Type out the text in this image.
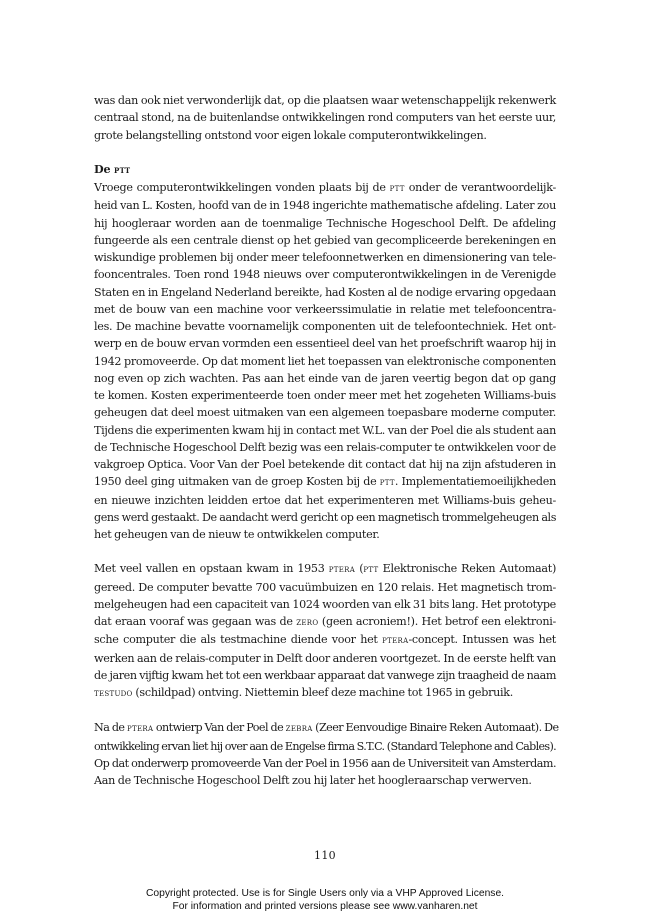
was dan ook niet verwonderlijk dat, op die plaatsen waar wetenschappelijk rekenwerk
centraal stond, na de buitenlandse ontwikkelingen rond computers van het eerste uur,
grote belangstelling ontstond voor eigen lokale computerontwikkelingen.

De ptt

Vroege computerontwikkelingen vonden plaats bij de ptt onder de verantwoordelijk-
heid van L. Kosten, hoofd van de in 1948 ingerichte mathematische afdeling. Later zou
hij hoogleraar worden aan de toenmalige Technische Hogeschool Delft. De afdeling
fungeerde als een centrale dienst op het gebied van gecompliceerde berekeningen en
wiskundige problemen bij onder meer telefoonnetwerken en dimensionering van tele-
fooncentrales. Toen rond 1948 nieuws over computerontwikkelingen in de Verenigde
Staten en in Engeland Nederland bereikte, had Kosten al de nodige ervaring opgedaan
met de bouw van een machine voor verkeerssimulatie in relatie met telefooncentra-
les. De machine bevatte voornamelijk componenten uit de telefoontechniek. Het ont-
werp en de bouw ervan vormden een essentieel deel van het proefschrift waarop hij in
1942 promoveerde. Op dat moment liet het toepassen van elektronische componenten
nog even op zich wachten. Pas aan het einde van de jaren veertig begon dat op gang
te komen. Kosten experimenteerde toen onder meer met het zogeheten Williams-buis
geheugen dat deel moest uitmaken van een algemeen toepasbare moderne computer.
Tijdens die experimenten kwam hij in contact met W.L. van der Poel die als student aan
de Technische Hogeschool Delft bezig was een relais-computer te ontwikkelen voor de
vakgroep Optica. Voor Van der Poel betekende dit contact dat hij na zijn afstuderen in
1950 deel ging uitmaken van de groep Kosten bij de ptt. Implementatiemoeilijkheden
en nieuwe inzichten leidden ertoe dat het experimenteren met Williams-buis geheu-
gens werd gestaakt. De aandacht werd gericht op een magnetisch trommelgeheugen als
het geheugen van de nieuw te ontwikkelen computer.

Met veel vallen en opstaan kwam in 1953 ptera (ptt Elektronische Reken Automaat)
gereed. De computer bevatte 700 vacuümbuizen en 120 relais. Het magnetisch trom-
melgeheugen had een capaciteit van 1024 woorden van elk 31 bits lang. Het prototype
dat eraan vooraf was gegaan was de zero (geen acroniem!). Het betrof een elektroni-
sche computer die als testmachine diende voor het ptera-concept. Intussen was het
werken aan de relais-computer in Delft door anderen voortgezet. In de eerste helft van
de jaren vijftig kwam het tot een werkbaar apparaat dat vanwege zijn traagheid de naam
testudo (schildpad) ontving. Niettemin bleef deze machine tot 1965 in gebruik.

Na de ptera ontwierp Van der Poel de zebra (Zeer Eenvoudige Binaire Reken Automaat). De
ontwikkeling ervan liet hij over aan de Engelse firma S.T.C. (Standard Telephone and Cables).
Op dat onderwerp promoveerde Van der Poel in 1956 aan de Universiteit van Amsterdam.
Aan de Technische Hogeschool Delft zou hij later het hoogleraarschap verwerven.

110
Copyright protected. Use is for Single Users only via a VHP Approved License.
For information and printed versions please see www.vanharen.net
